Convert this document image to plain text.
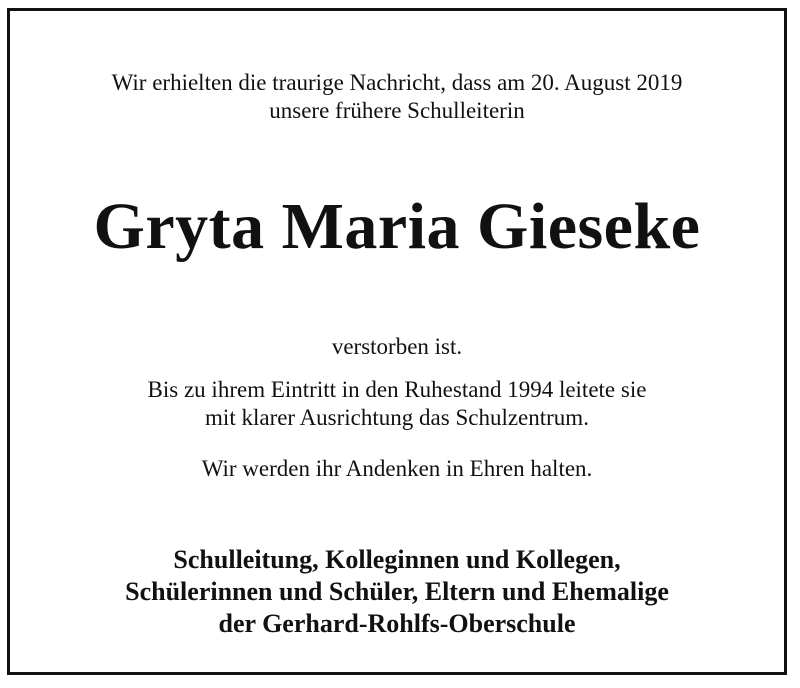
Wir erhielten die traurige Nachricht, dass am 20. August 2019
unsere frühere Schulleiterin
Gryta Maria Gieseke
verstorben ist.
Bis zu ihrem Eintritt in den Ruhestand 1994 leitete sie
mit klarer Ausrichtung das Schulzentrum.
Wir werden ihr Andenken in Ehren halten.
Schulleitung, Kolleginnen und Kollegen,
Schülerinnen und Schüler, Eltern und Ehemalige
der Gerhard-Rohlfs-Oberschule
